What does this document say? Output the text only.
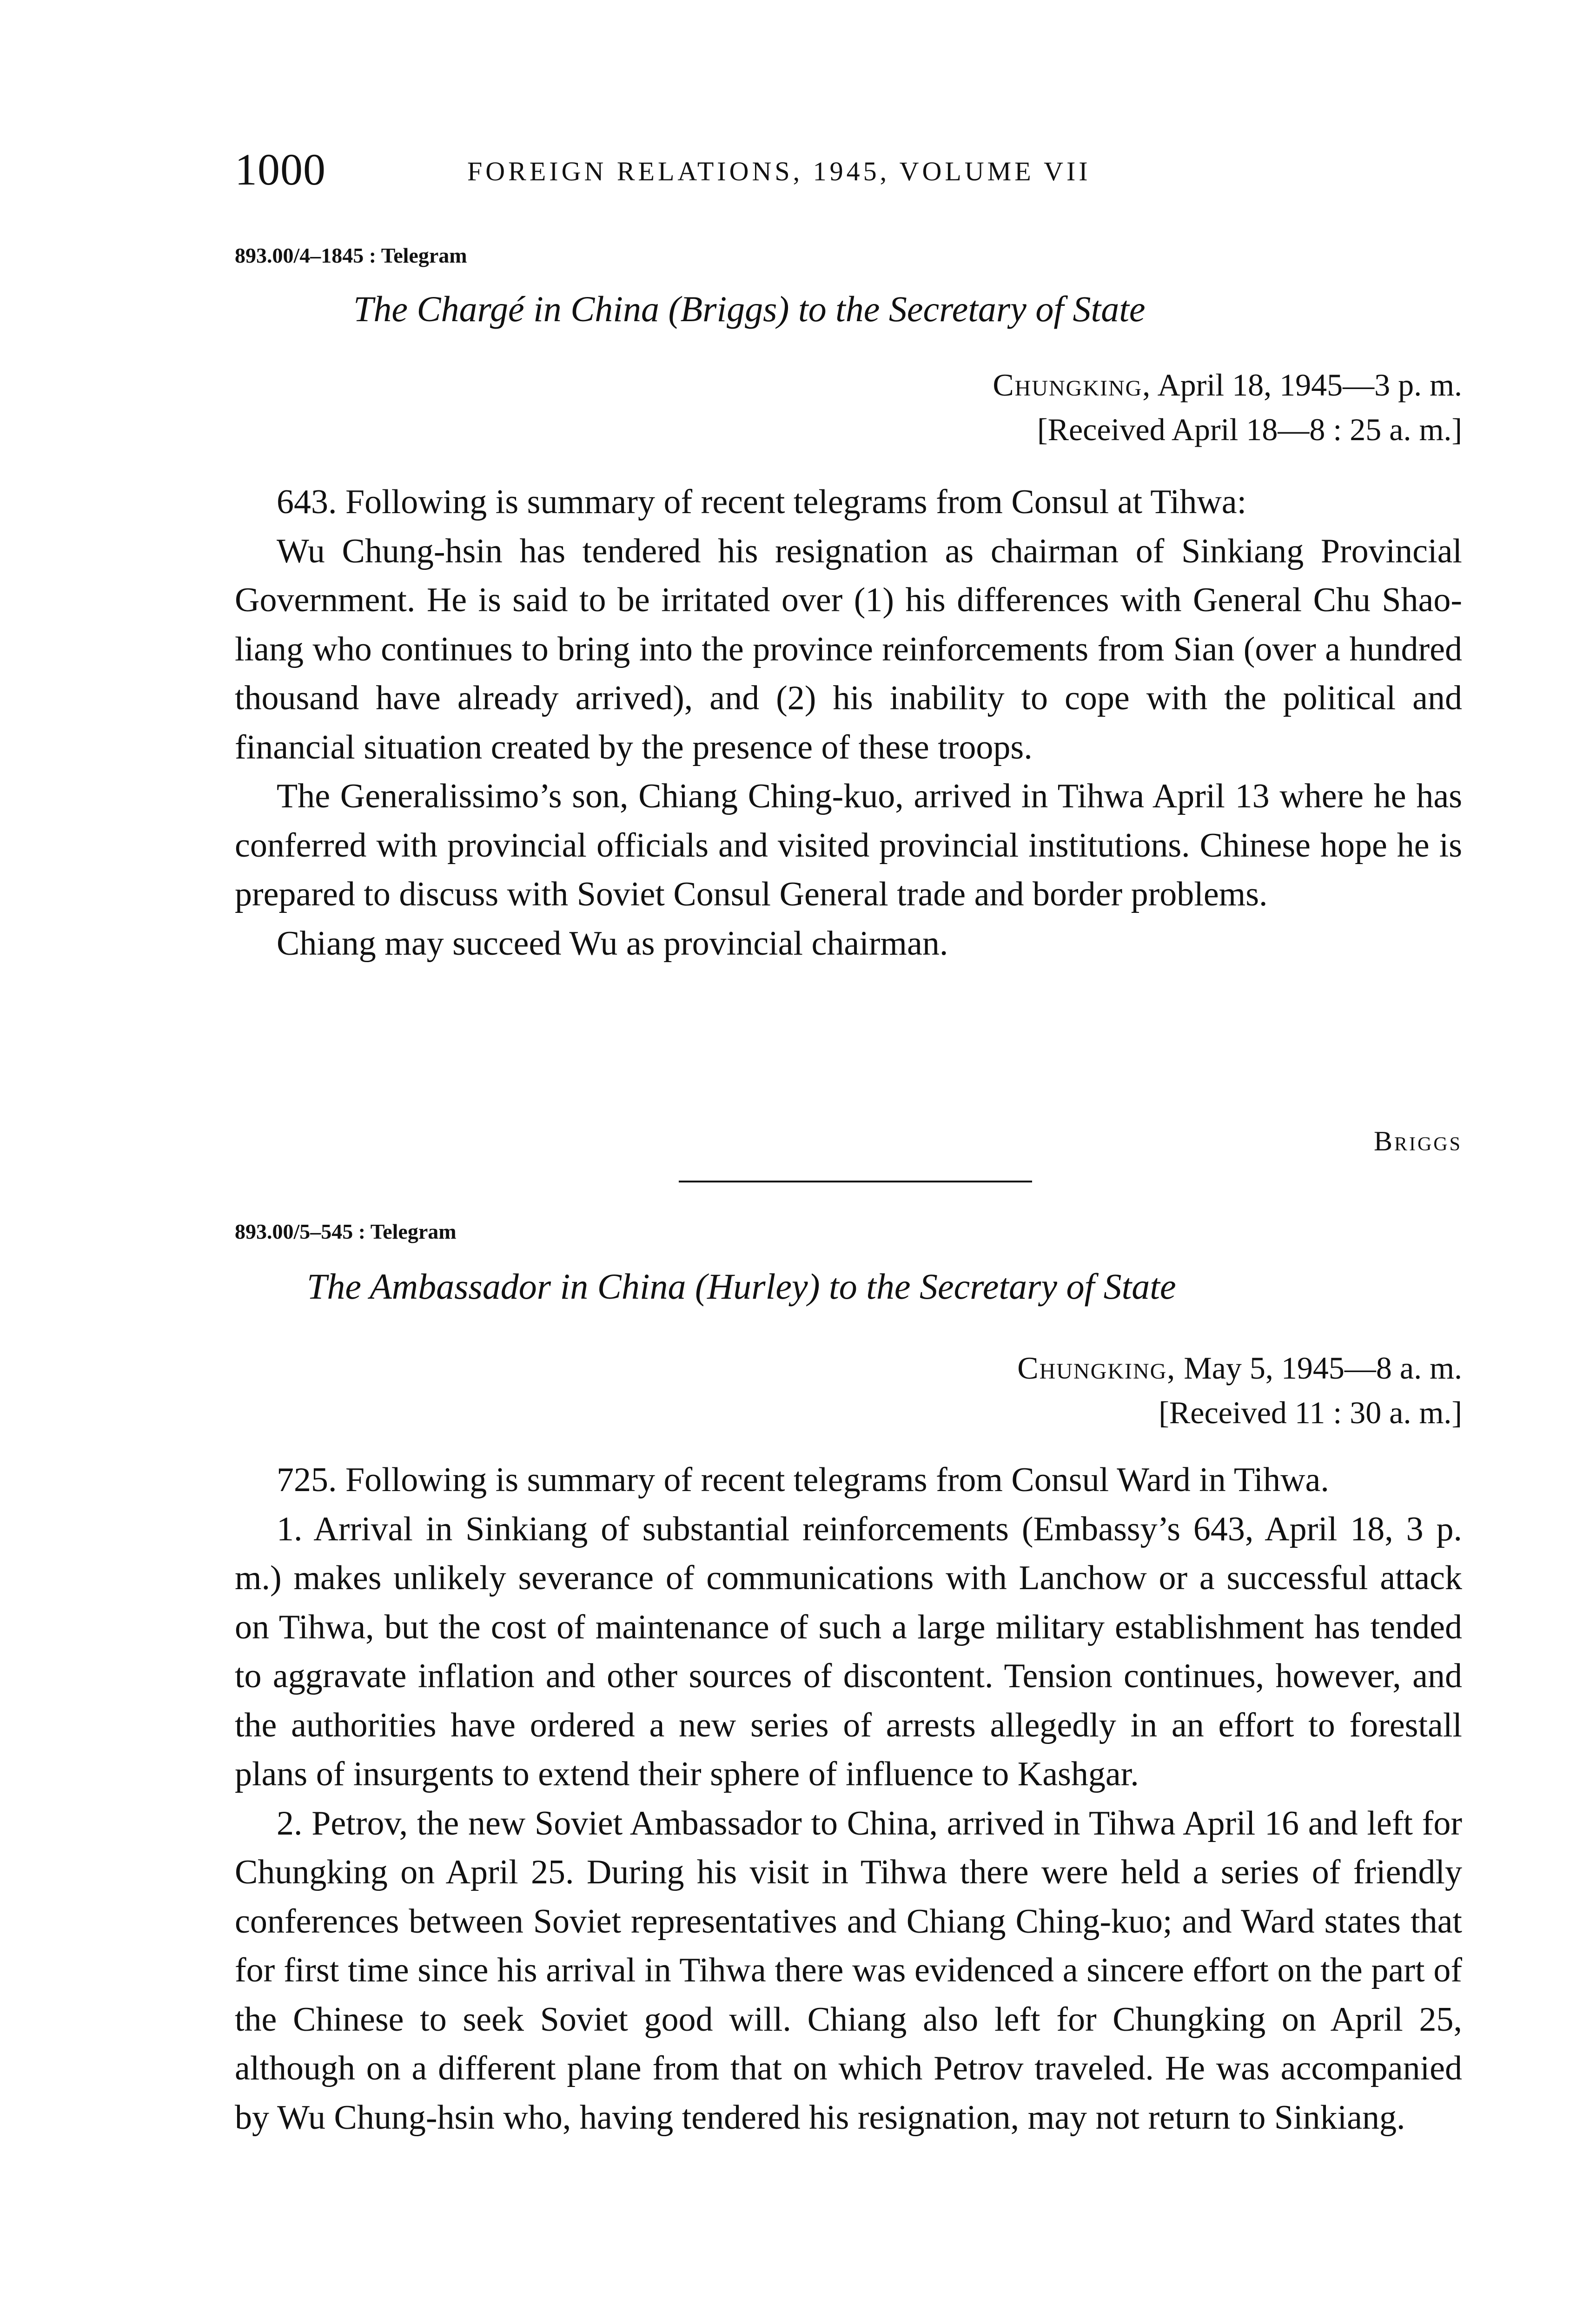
1000	FOREIGN RELATIONS, 1945, VOLUME VII
893.00/4–1845 : Telegram
The Chargé in China (Briggs) to the Secretary of State
Chungking, April 18, 1945—3 p. m.
[Received April 18—8 : 25 a. m.]

643. Following is summary of recent telegrams from Consul at Tihwa:

Wu Chung-hsin has tendered his resignation as chairman of Sinkiang Provincial Government. He is said to be irritated over (1) his differences with General Chu Shao-liang who continues to bring into the province reinforcements from Sian (over a hundred thousand have already arrived), and (2) his inability to cope with the political and financial situation created by the presence of these troops.

The Generalissimo’s son, Chiang Ching-kuo, arrived in Tihwa April 13 where he has conferred with provincial officials and visited provincial institutions. Chinese hope he is prepared to discuss with Soviet Consul General trade and border problems.

Chiang may succeed Wu as provincial chairman.

Briggs
893.00/5–545 : Telegram
The Ambassador in China (Hurley) to the Secretary of State
Chungking, May 5, 1945—8 a. m.
[Received 11 : 30 a. m.]

725. Following is summary of recent telegrams from Consul Ward in Tihwa.

1. Arrival in Sinkiang of substantial reinforcements (Embassy’s 643, April 18, 3 p. m.) makes unlikely severance of communications with Lanchow or a successful attack on Tihwa, but the cost of maintenance of such a large military establishment has tended to aggravate inflation and other sources of discontent. Tension continues, however, and the authorities have ordered a new series of arrests allegedly in an effort to forestall plans of insurgents to extend their sphere of influence to Kashgar.

2. Petrov, the new Soviet Ambassador to China, arrived in Tihwa April 16 and left for Chungking on April 25. During his visit in Tihwa there were held a series of friendly conferences between Soviet representatives and Chiang Ching-kuo; and Ward states that for first time since his arrival in Tihwa there was evidenced a sincere effort on the part of the Chinese to seek Soviet good will. Chiang also left for Chungking on April 25, although on a different plane from that on which Petrov traveled. He was accompanied by Wu Chung-hsin who, having tendered his resignation, may not return to Sinkiang.
